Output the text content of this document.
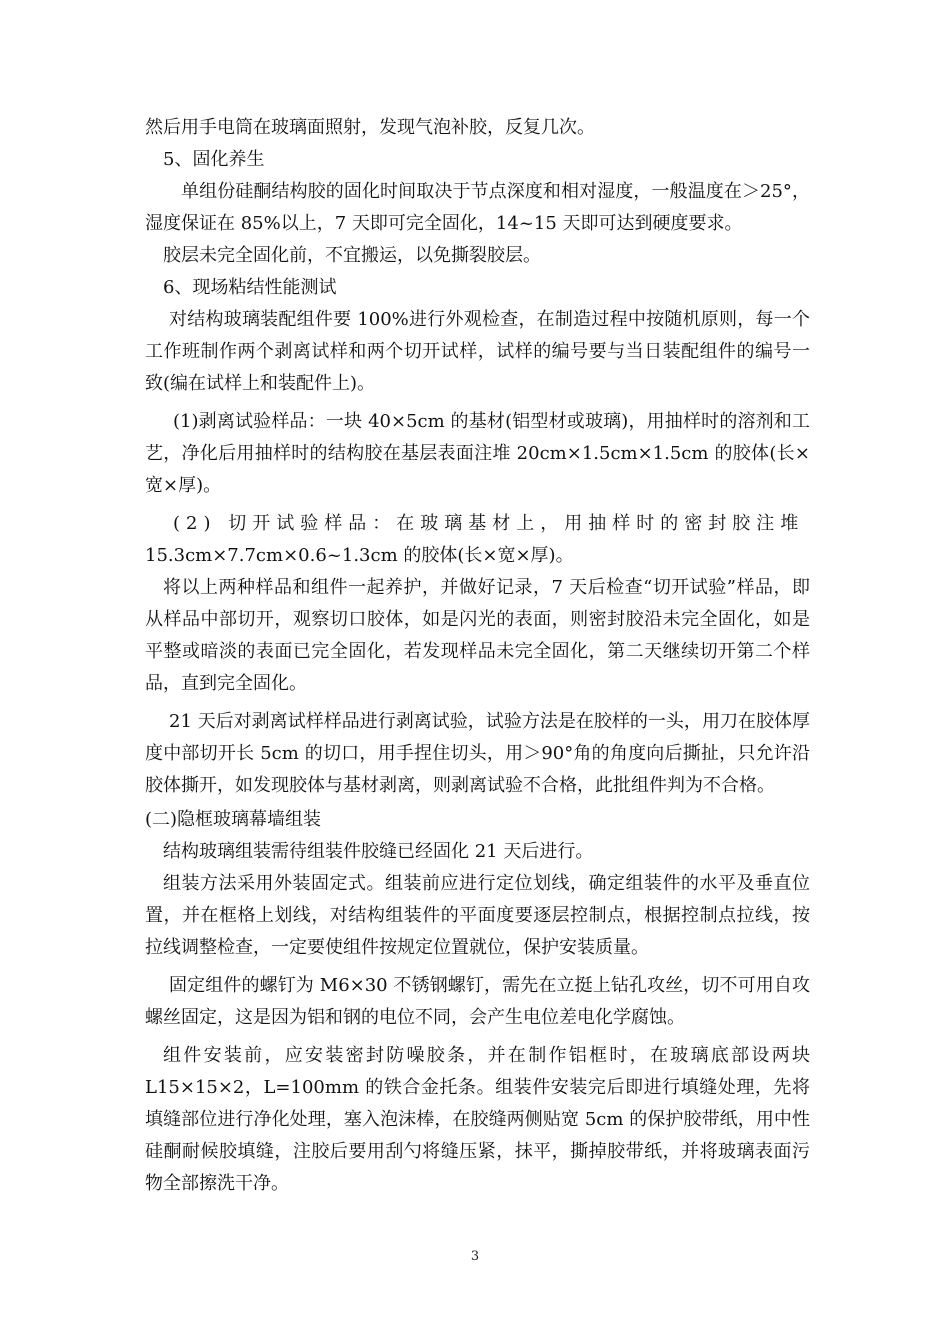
然后用手电筒在玻璃面照射，发现气泡补胶，反复几次。

5、固化养生

单组份硅酮结构胶的固化时间取决于节点深度和相对湿度，一般温度在＞25°，湿度保证在 85%以上，7 天即可完全固化，14~15 天即可达到硬度要求。

胶层未完全固化前，不宜搬运，以免撕裂胶层。

6、现场粘结性能测试

对结构玻璃装配组件要 100%进行外观检查，在制造过程中按随机原则，每一个工作班制作两个剥离试样和两个切开试样，试样的编号要与当日装配组件的编号一致(编在试样上和装配件上)。

(1)剥离试验样品：一块 40×5cm 的基材(铝型材或玻璃)，用抽样时的溶剂和工艺，净化后用抽样时的结构胶在基层表面注堆 20cm×1.5cm×1.5cm 的胶体(长×宽×厚)。

(2) 切开试验样品：在玻璃基材上，用抽样时的密封胶注堆

15.3cm×7.7cm×0.6~1.3cm 的胶体(长×宽×厚)。

将以上两种样品和组件一起养护，并做好记录，7 天后检查“切开试验”样品，即从样品中部切开，观察切口胶体，如是闪光的表面，则密封胶沿未完全固化，如是平整或暗淡的表面已完全固化，若发现样品未完全固化，第二天继续切开第二个样品，直到完全固化。

21 天后对剥离试样样品进行剥离试验，试验方法是在胶样的一头，用刀在胶体厚度中部切开长 5cm 的切口，用手捏住切头，用＞90°角的角度向后撕扯，只允许沿胶体撕开，如发现胶体与基材剥离，则剥离试验不合格，此批组件判为不合格。

(二)隐框玻璃幕墙组装

结构玻璃组装需待组装件胶缝已经固化 21 天后进行。

组装方法采用外装固定式。组装前应进行定位划线，确定组装件的水平及垂直位置，并在框格上划线，对结构组装件的平面度要逐层控制点，根据控制点拉线，按拉线调整检查，一定要使组件按规定位置就位，保护安装质量。

固定组件的螺钉为 M6×30 不锈钢螺钉，需先在立挺上钻孔攻丝，切不可用自攻螺丝固定，这是因为铝和钢的电位不同，会产生电位差电化学腐蚀。

组件安装前，应安装密封防噪胶条，并在制作铝框时，在玻璃底部设两块 L15×15×2，L=100mm 的铁合金托条。组装件安装完后即进行填缝处理，先将填缝部位进行净化处理，塞入泡沫棒，在胶缝两侧贴宽 5cm 的保护胶带纸，用中性硅酮耐候胶填缝，注胶后要用刮勺将缝压紧，抹平，撕掉胶带纸，并将玻璃表面污物全部擦洗干净。

3
